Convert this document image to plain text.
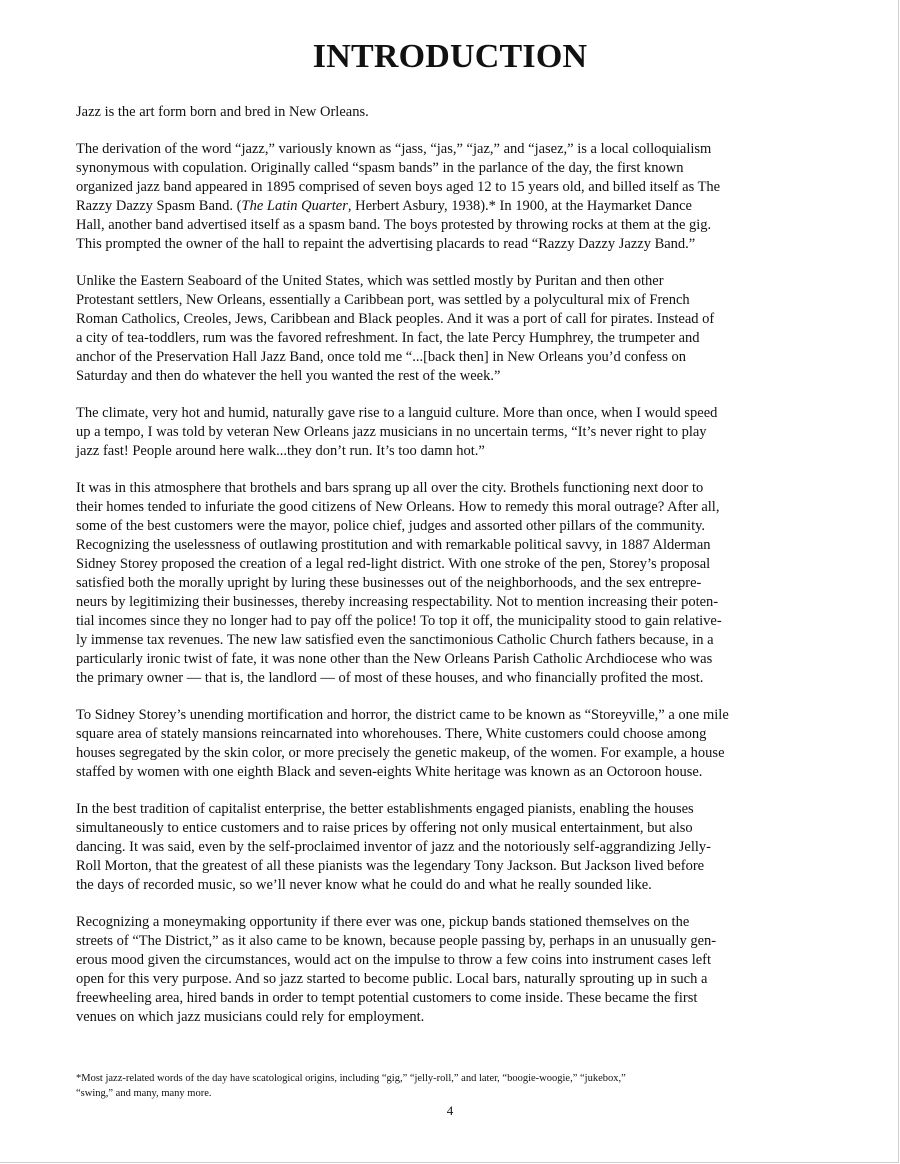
INTRODUCTION

Jazz is the art form born and bred in New Orleans.

The derivation of the word “jazz,” variously known as “jass, “jas,” “jaz,” and “jasez,” is a local colloquialism
synonymous with copulation. Originally called “spasm bands” in the parlance of the day, the first known
organized jazz band appeared in 1895 comprised of seven boys aged 12 to 15 years old, and billed itself as The
Razzy Dazzy Spasm Band. (The Latin Quarter, Herbert Asbury, 1938).* In 1900, at the Haymarket Dance
Hall, another band advertised itself as a spasm band. The boys protested by throwing rocks at them at the gig.
This prompted the owner of the hall to repaint the advertising placards to read “Razzy Dazzy Jazzy Band.”

Unlike the Eastern Seaboard of the United States, which was settled mostly by Puritan and then other
Protestant settlers, New Orleans, essentially a Caribbean port, was settled by a polycultural mix of French
Roman Catholics, Creoles, Jews, Caribbean and Black peoples. And it was a port of call for pirates. Instead of
a city of tea-toddlers, rum was the favored refreshment. In fact, the late Percy Humphrey, the trumpeter and
anchor of the Preservation Hall Jazz Band, once told me “...[back then] in New Orleans you’d confess on
Saturday and then do whatever the hell you wanted the rest of the week.”

The climate, very hot and humid, naturally gave rise to a languid culture. More than once, when I would speed
up a tempo, I was told by veteran New Orleans jazz musicians in no uncertain terms, “It’s never right to play
jazz fast! People around here walk...they don’t run. It’s too damn hot.”

It was in this atmosphere that brothels and bars sprang up all over the city. Brothels functioning next door to
their homes tended to infuriate the good citizens of New Orleans. How to remedy this moral outrage? After all,
some of the best customers were the mayor, police chief, judges and assorted other pillars of the community.
Recognizing the uselessness of outlawing prostitution and with remarkable political savvy, in 1887 Alderman
Sidney Storey proposed the creation of a legal red-light district. With one stroke of the pen, Storey’s proposal
satisfied both the morally upright by luring these businesses out of the neighborhoods, and the sex entrepre-
neurs by legitimizing their businesses, thereby increasing respectability. Not to mention increasing their poten-
tial incomes since they no longer had to pay off the police! To top it off, the municipality stood to gain relative-
ly immense tax revenues. The new law satisfied even the sanctimonious Catholic Church fathers because, in a
particularly ironic twist of fate, it was none other than the New Orleans Parish Catholic Archdiocese who was
the primary owner — that is, the landlord — of most of these houses, and who financially profited the most.

To Sidney Storey’s unending mortification and horror, the district came to be known as “Storeyville,” a one mile
square area of stately mansions reincarnated into whorehouses. There, White customers could choose among
houses segregated by the skin color, or more precisely the genetic makeup, of the women. For example, a house
staffed by women with one eighth Black and seven-eights White heritage was known as an Octoroon house.

In the best tradition of capitalist enterprise, the better establishments engaged pianists, enabling the houses
simultaneously to entice customers and to raise prices by offering not only musical entertainment, but also
dancing. It was said, even by the self-proclaimed inventor of jazz and the notoriously self-aggrandizing Jelly-
Roll Morton, that the greatest of all these pianists was the legendary Tony Jackson. But Jackson lived before
the days of recorded music, so we’ll never know what he could do and what he really sounded like.

Recognizing a moneymaking opportunity if there ever was one, pickup bands stationed themselves on the
streets of “The District,” as it also came to be known, because people passing by, perhaps in an unusually gen-
erous mood given the circumstances, would act on the impulse to throw a few coins into instrument cases left
open for this very purpose. And so jazz started to become public. Local bars, naturally sprouting up in such a
freewheeling area, hired bands in order to tempt potential customers to come inside. These became the first
venues on which jazz musicians could rely for employment.

*Most jazz-related words of the day have scatological origins, including “gig,” “jelly-roll,” and later, “boogie-woogie,” “jukebox,”
“swing,” and many, many more.
4
